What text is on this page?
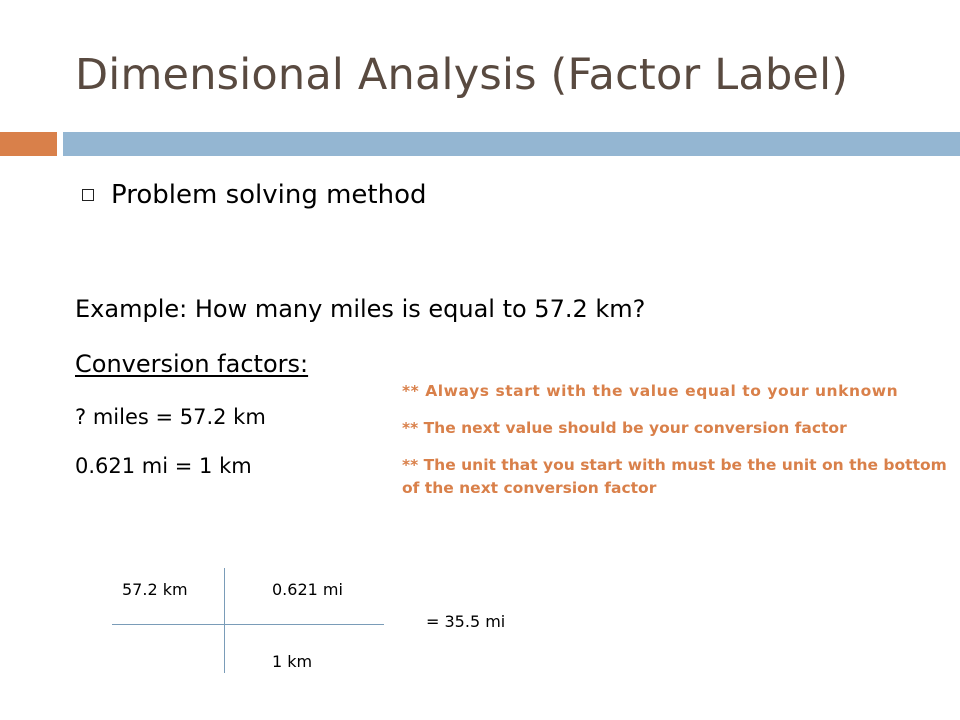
Dimensional Analysis (Factor Label)
Problem solving method
Example: How many miles is equal to 57.2 km?
Conversion factors:
? miles = 57.2 km
0.621 mi = 1 km

** Always start with the value equal to your unknown

** The next value should be your conversion factor

** The unit that you start with must be the unit on the bottom of the next conversion factor

57.2 km	0.621 mi
1 km
= 35.5 mi
